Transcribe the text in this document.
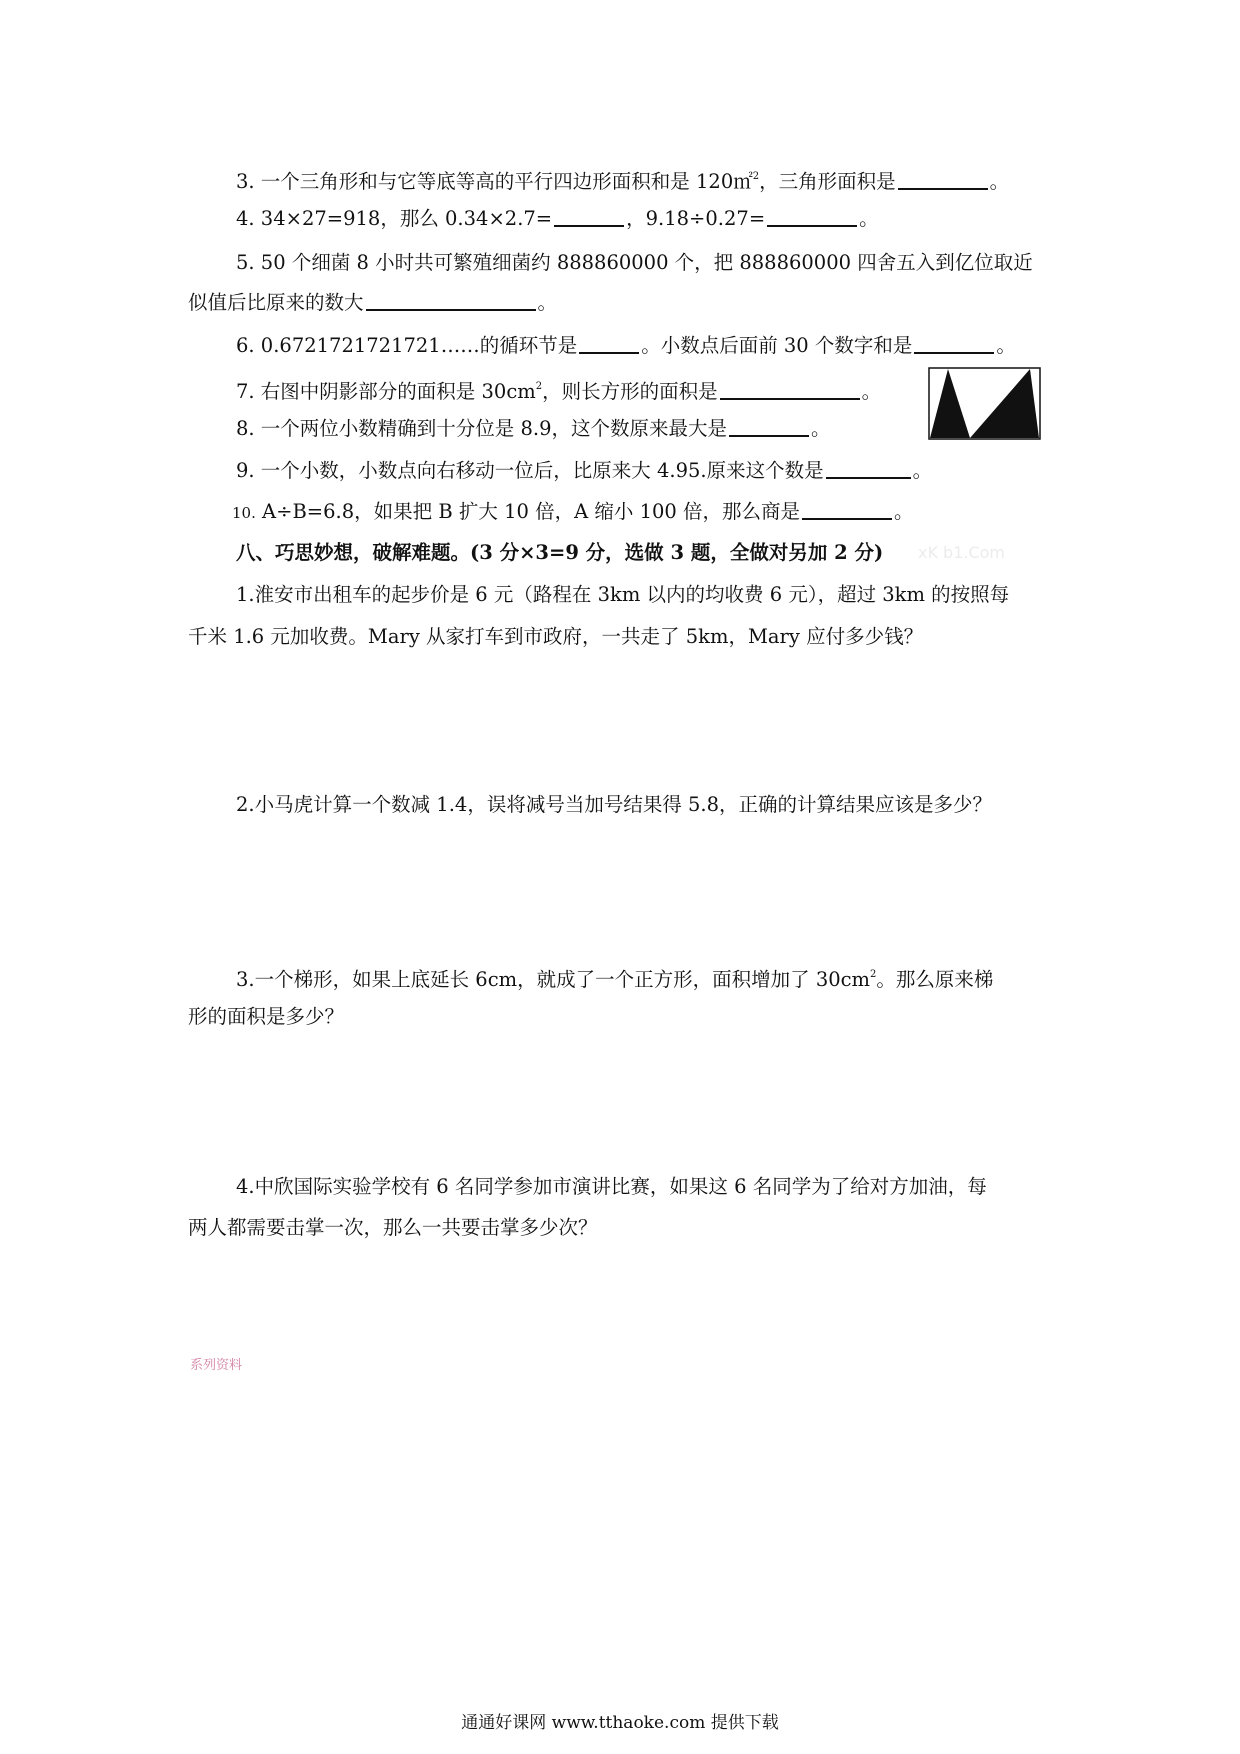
3. 一个三角形和与它等底等高的平行四边形面积和是 120㎡$^2$，三角形面积是	。
4. 34×27=918，那么 0.34×2.7=	，9.18÷0.27=	。
5. 50 个细菌 8 小时共可繁殖细菌约 888860000 个，把 888860000 四舍五入到亿位取近
似值后比原来的数大	。
6. 0.6721721721721……的循环节是	。小数点后面前 30 个数字和是	。
7. 右图中阴影部分的面积是 $30cm^2$，则长方形的面积是	。
8. 一个两位小数精确到十分位是 8.9，这个数原来最大是	。
9. 一个小数，小数点向右移动一位后，比原来大 4.95.原来这个数是	。
10. A÷B=6.8，如果把 B 扩大 10 倍，A 缩小 100 倍，那么商是	。
八、巧思妙想，破解难题。(3 分×3=9 分，选做 3 题，全做对另加 2 分) xK b1.Com
1.淮安市出租车的起步价是 6 元（路程在 3km 以内的均收费 6 元），超过 3km 的按照每
千米 1.6 元加收费。Mary 从家打车到市政府，一共走了 5km，Mary 应付多少钱？
2.小马虎计算一个数减 1.4，误将减号当加号结果得 5.8，正确的计算结果应该是多少？
3.一个梯形，如果上底延长 6cm，就成了一个正方形，面积增加了 $30cm^2$。那么原来梯
形的面积是多少？
4.中欣国际实验学校有 6 名同学参加市演讲比赛，如果这 6 名同学为了给对方加油，每
两人都需要击掌一次，那么一共要击掌多少次？
系列资料
通通好课网 www.tthaoke.com 提供下载
